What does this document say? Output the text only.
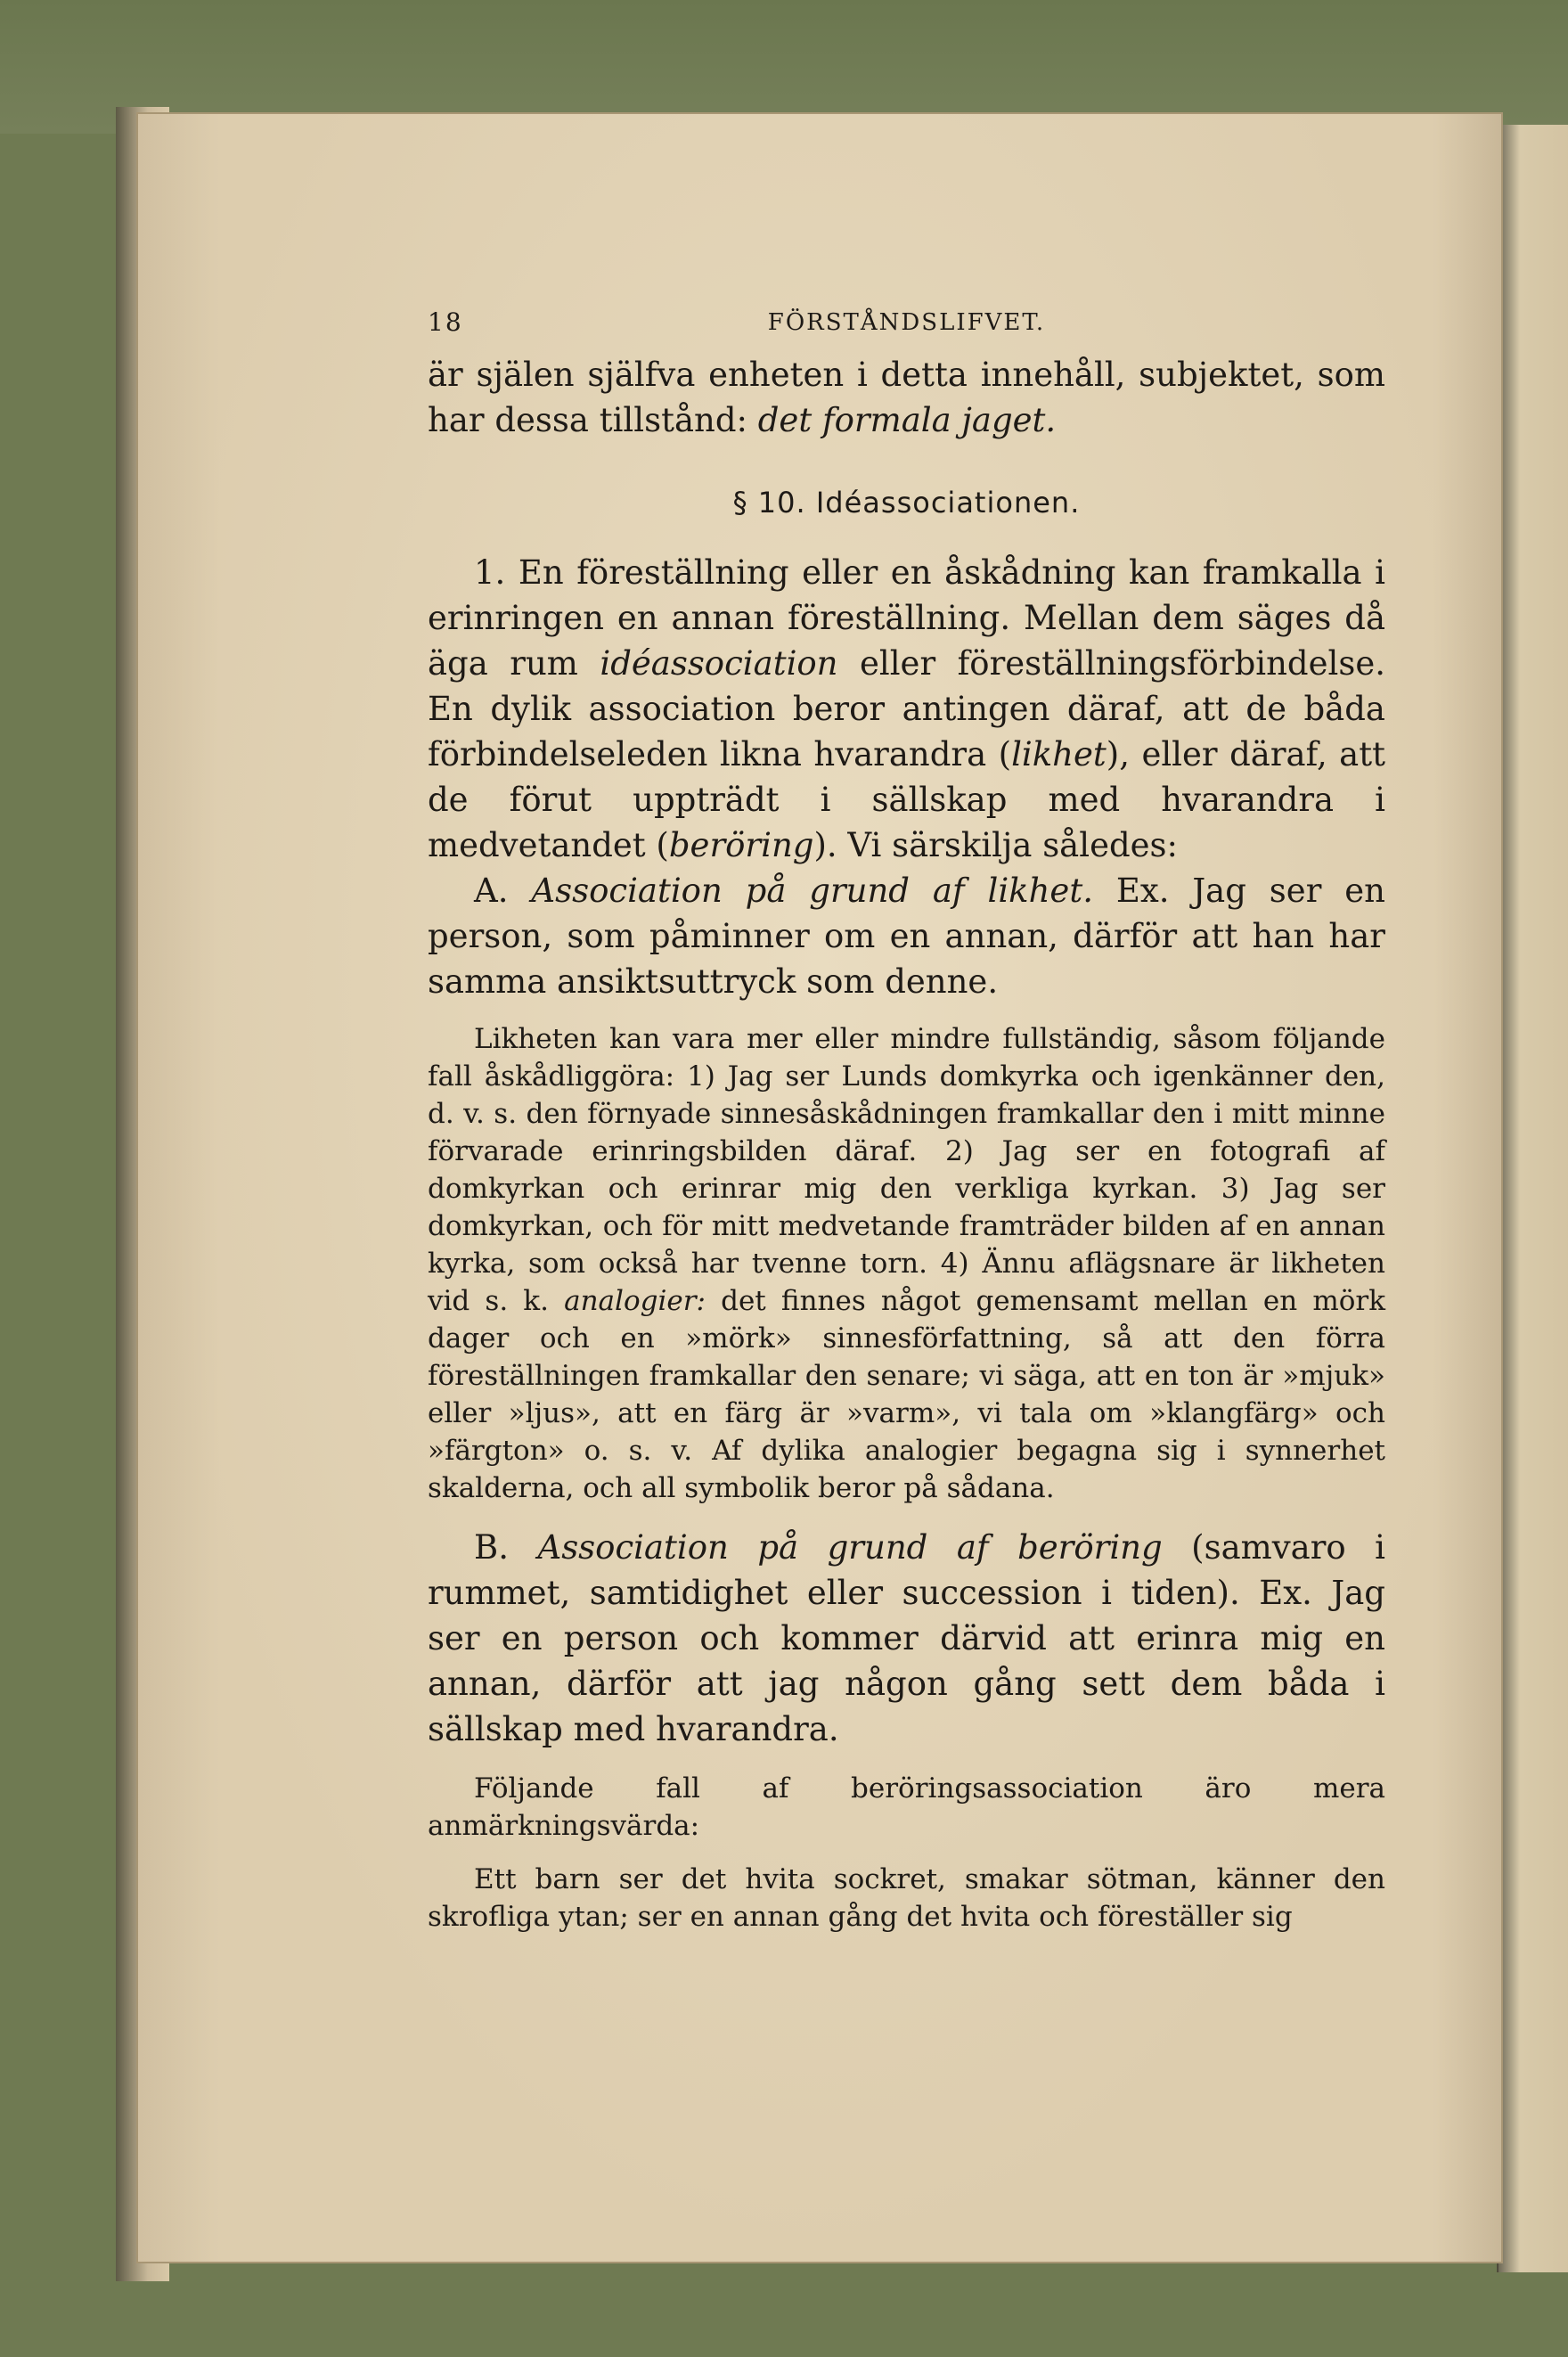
18	FÖRSTÅNDSLIFVET.

är själen själfva enheten i detta innehåll, subjektet, som har dessa tillstånd: det formala jaget.

§ 10. Idéassociationen.

1. En föreställning eller en åskådning kan framkalla i erinringen en annan föreställning. Mellan dem säges då äga rum idéassociation eller föreställningsförbindelse. En dylik association beror antingen däraf, att de båda förbindelseleden likna hvarandra (likhet), eller däraf, att de förut uppträdt i sällskap med hvarandra i medvetandet (beröring). Vi särskilja således:

A. Association på grund af likhet. Ex. Jag ser en person, som påminner om en annan, därför att han har samma ansiktsuttryck som denne.

Likheten kan vara mer eller mindre fullständig, såsom följande fall åskådliggöra: 1) Jag ser Lunds domkyrka och igenkänner den, d. v. s. den förnyade sinnesåskådningen framkallar den i mitt minne förvarade erinringsbilden däraf. 2) Jag ser en fotografi af domkyrkan och erinrar mig den verkliga kyrkan. 3) Jag ser domkyrkan, och för mitt medvetande framträder bilden af en annan kyrka, som också har tvenne torn. 4) Ännu aflägsnare är likheten vid s. k. analogier: det finnes något gemensamt mellan en mörk dager och en »mörk» sinnesförfattning, så att den förra föreställningen framkallar den senare; vi säga, att en ton är »mjuk» eller »ljus», att en färg är »varm», vi tala om »klangfärg» och »färgton» o. s. v. Af dylika analogier begagna sig i synnerhet skalderna, och all symbolik beror på sådana.

B. Association på grund af beröring (samvaro i rummet, samtidighet eller succession i tiden). Ex. Jag ser en person och kommer därvid att erinra mig en annan, därför att jag någon gång sett dem båda i sällskap med hvarandra.

Följande fall af beröringsassociation äro mera anmärkningsvärda:

Ett barn ser det hvita sockret, smakar sötman, känner den skrofliga ytan; ser en annan gång det hvita och föreställer sig
